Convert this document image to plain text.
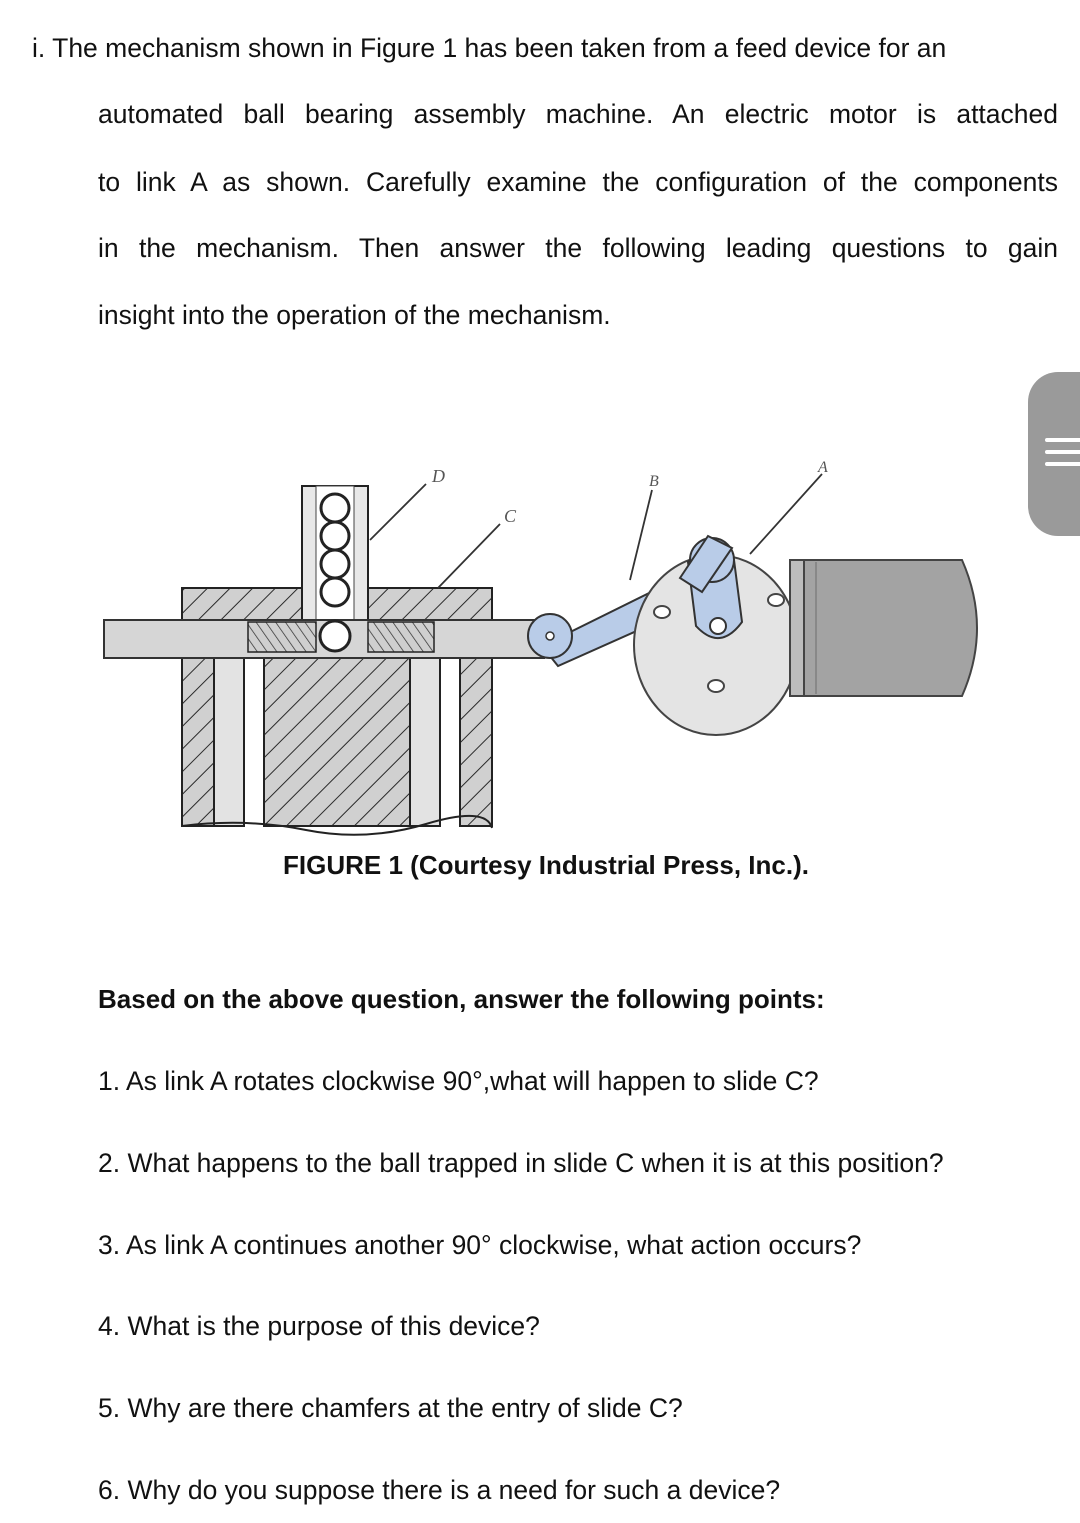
i. The mechanism shown in Figure 1 has been taken from a feed device for an
automated ball bearing assembly machine. An electric motor is attached
to link A as shown. Carefully examine the configuration of the components
in the mechanism. Then answer the following leading questions to gain
insight into the operation of the mechanism.
D
C
B
A
FIGURE 1 (Courtesy Industrial Press, Inc.).
Based on the above question, answer the following points:
1. As link A rotates clockwise 90°,what will happen to slide C?
2. What happens to the ball trapped in slide C when it is at this position?
3. As link A continues another 90° clockwise, what action occurs?
4. What is the purpose of this device?
5. Why are there chamfers at the entry of slide C?
6. Why do you suppose there is a need for such a device?
